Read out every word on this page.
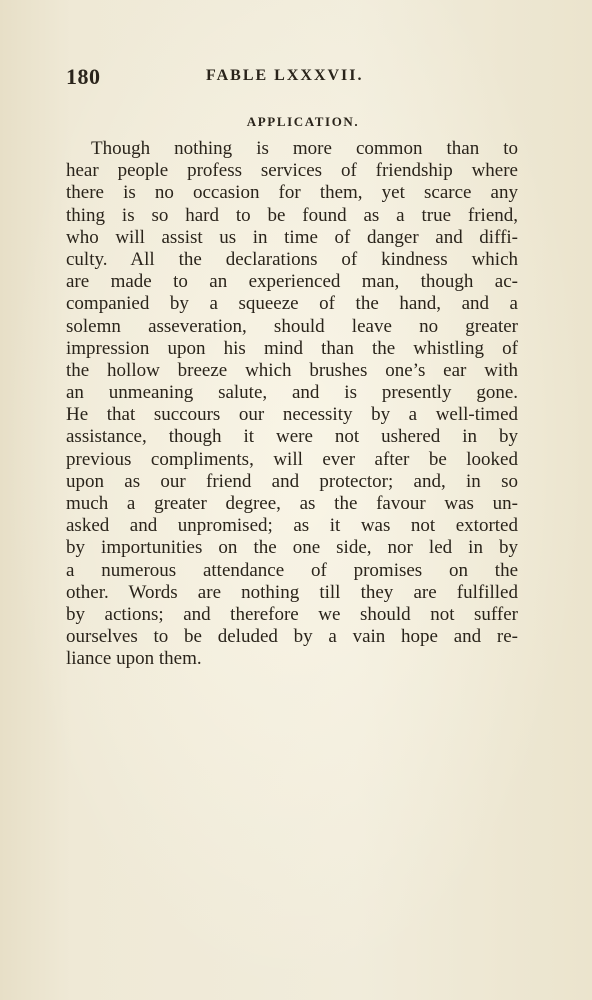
180	FABLE LXXXVII.
APPLICATION.
Though nothing is more common than to
hear people profess services of friendship where
there is no occasion for them, yet scarce any
thing is so hard to be found as a true friend,
who will assist us in time of danger and diffi-
culty. All the declarations of kindness which
are made to an experienced man, though ac-
companied by a squeeze of the hand, and a
solemn asseveration, should leave no greater
impression upon his mind than the whistling of
the hollow breeze which brushes one’s ear with
an unmeaning salute, and is presently gone.
He that succours our necessity by a well-timed
assistance, though it were not ushered in by
previous compliments, will ever after be looked
upon as our friend and protector; and, in so
much a greater degree, as the favour was un-
asked and unpromised; as it was not extorted
by importunities on the one side, nor led in by
a numerous attendance of promises on the
other. Words are nothing till they are fulfilled
by actions; and therefore we should not suffer
ourselves to be deluded by a vain hope and re-
liance upon them.
